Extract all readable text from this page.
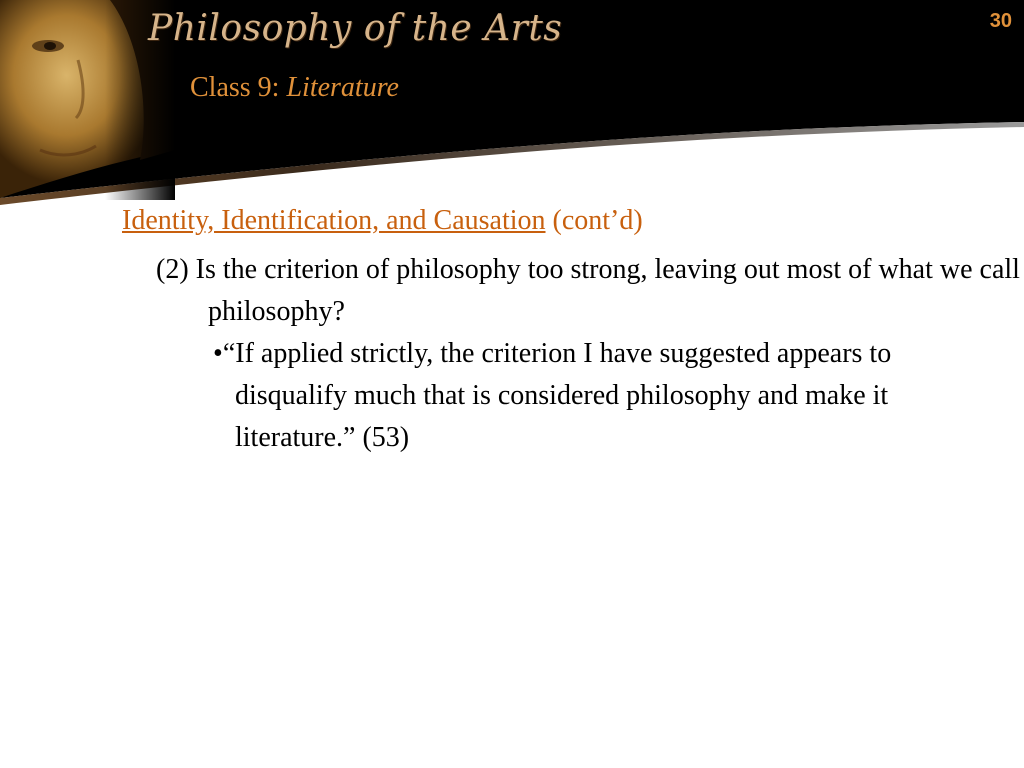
Philosophy of the Arts
Class 9: Literature
30
Identity, Identification, and Causation (cont’d)
(2) Is the criterion of philosophy too strong, leaving out most of what we call philosophy?
•“If applied strictly, the criterion I have suggested appears to disqualify much that is considered philosophy and make it literature.” (53)
